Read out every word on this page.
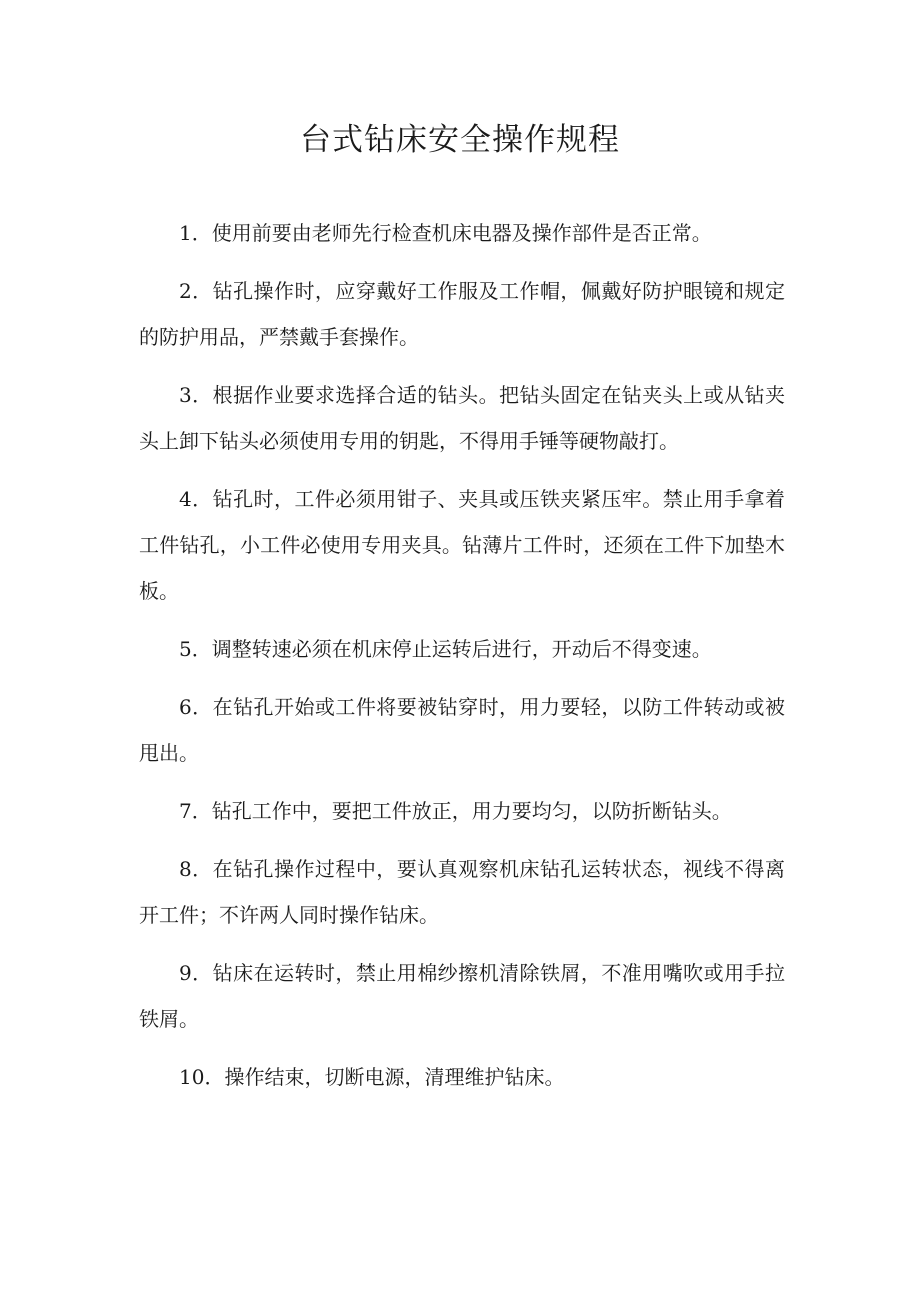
台式钻床安全操作规程
1．使用前要由老师先行检查机床电器及操作部件是否正常。
2．钻孔操作时，应穿戴好工作服及工作帽，佩戴好防护眼镜和规定的防护用品，严禁戴手套操作。
3．根据作业要求选择合适的钻头。把钻头固定在钻夹头上或从钻夹头上卸下钻头必须使用专用的钥匙，不得用手锤等硬物敲打。
4．钻孔时，工件必须用钳子、夹具或压铁夹紧压牢。禁止用手拿着工件钻孔，小工件必使用专用夹具。钻薄片工件时，还须在工件下加垫木板。
5．调整转速必须在机床停止运转后进行，开动后不得变速。
6．在钻孔开始或工件将要被钻穿时，用力要轻，以防工件转动或被甩出。
7．钻孔工作中，要把工件放正，用力要均匀，以防折断钻头。
8．在钻孔操作过程中，要认真观察机床钻孔运转状态，视线不得离开工件；不许两人同时操作钻床。
9．钻床在运转时，禁止用棉纱擦机清除铁屑，不准用嘴吹或用手拉铁屑。
10．操作结束，切断电源，清理维护钻床。
